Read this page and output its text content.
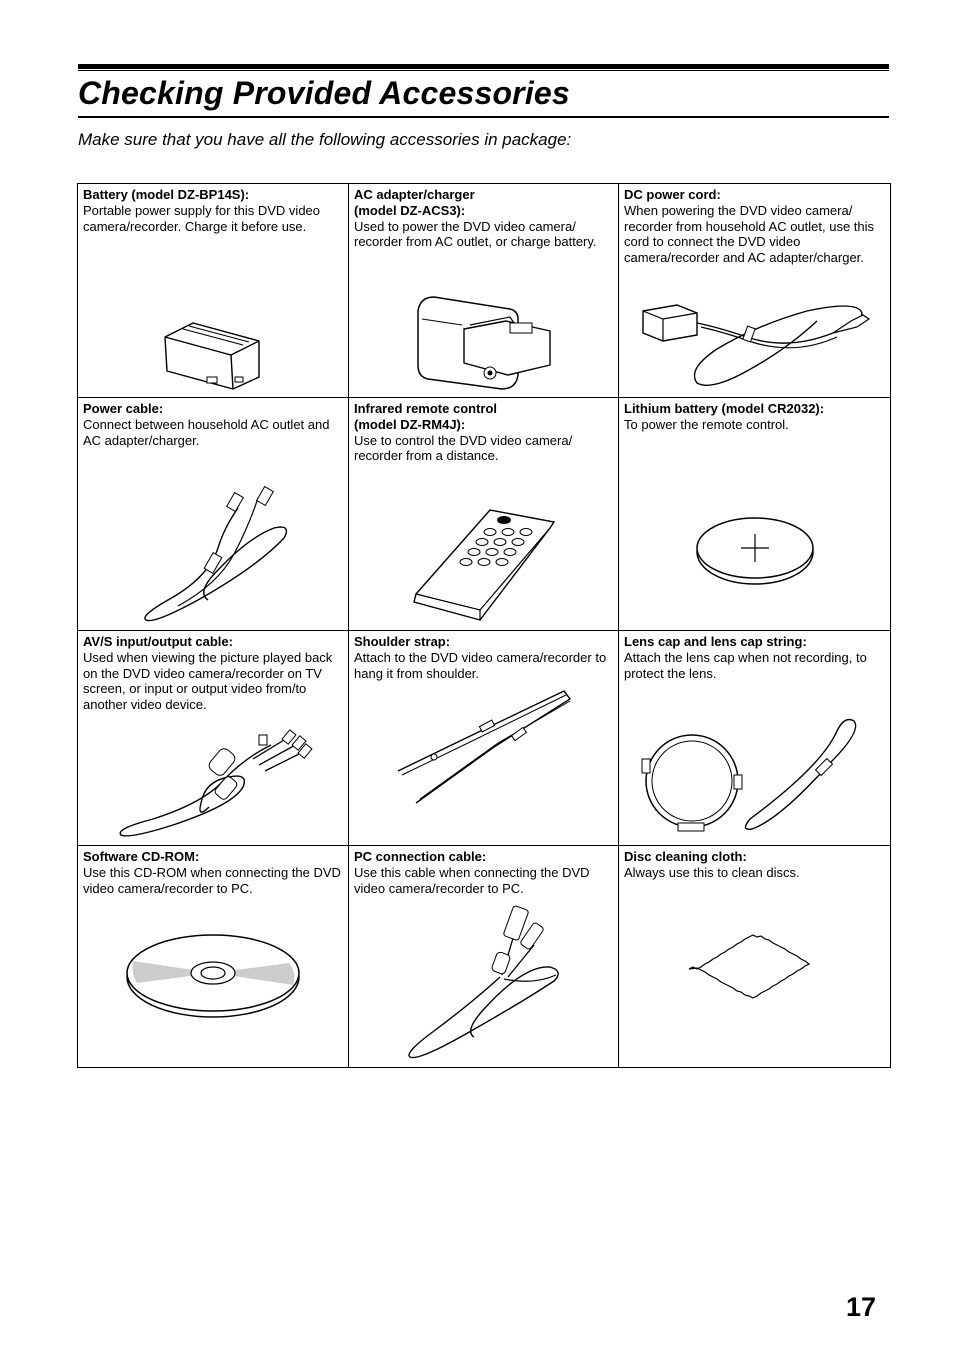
Checking Provided Accessories

Make sure that you have all the following accessories in package:

Battery (model DZ-BP14S):
Portable power supply for this DVD video camera/recorder. Charge it before use.	AC adapter/charger
(model DZ-ACS3):
Used to power the DVD video camera/ recorder from AC outlet, or charge battery.	DC power cord:
When powering the DVD video camera/ recorder from household AC outlet, use this cord to connect the DVD video camera/recorder and AC adapter/charger.

Power cable:
Connect between household AC outlet and AC adapter/charger.	Infrared remote control
(model DZ-RM4J):
Use to control the DVD video camera/ recorder from a distance.	Lithium battery (model CR2032):
To power the remote control.

AV/S input/output cable:
Used when viewing the picture played back on the DVD video camera/recorder on TV screen, or input or output video from/to another video device.	Shoulder strap:
Attach to the DVD video camera/recorder to hang it from shoulder.	Lens cap and lens cap string:
Attach the lens cap when not recording, to protect the lens.

Software CD-ROM:
Use this CD-ROM when connecting the DVD video camera/recorder to PC.	PC connection cable:
Use this cable when connecting the DVD video camera/recorder to PC.	Disc cleaning cloth:
Always use this to clean discs.
17
